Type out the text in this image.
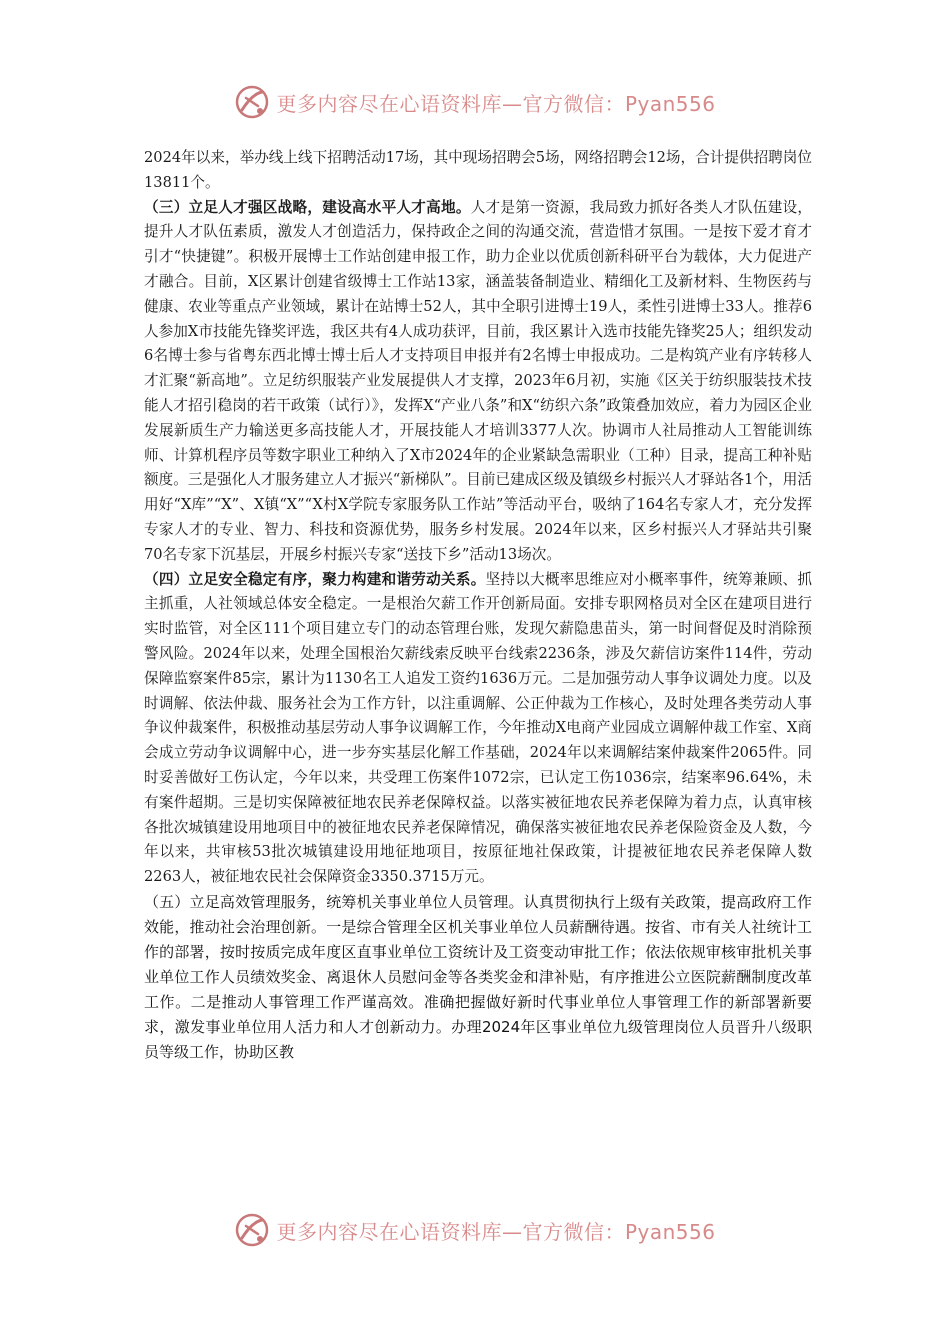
更多内容尽在心语资料库—官方微信：Pyan556

2024年以来，举办线上线下招聘活动17场，其中现场招聘会5场，网络招聘会12场，合计提供招聘岗位13811个。

（三）立足人才强区战略，建设高水平人才高地。人才是第一资源，我局致力抓好各类人才队伍建设，提升人才队伍素质，激发人才创造活力，保持政企之间的沟通交流，营造惜才氛围。一是按下爱才育才引才“快捷键”。积极开展博士工作站创建申报工作，助力企业以优质创新科研平台为载体，大力促进产才融合。目前，X区累计创建省级博士工作站13家，涵盖装备制造业、精细化工及新材料、生物医药与健康、农业等重点产业领域，累计在站博士52人，其中全职引进博士19人，柔性引进博士33人。推荐6人参加X市技能先锋奖评选，我区共有4人成功获评，目前，我区累计入选市技能先锋奖25人；组织发动6名博士参与省粤东西北博士博士后人才支持项目申报并有2名博士申报成功。二是构筑产业有序转移人才汇聚“新高地”。立足纺织服装产业发展提供人才支撑，2023年6月初，实施《区关于纺织服装技术技能人才招引稳岗的若干政策（试行）》，发挥X“产业八条”和X“纺织六条”政策叠加效应，着力为园区企业发展新质生产力输送更多高技能人才，开展技能人才培训3377人次。协调市人社局推动人工智能训练师、计算机程序员等数字职业工种纳入了X市2024年的企业紧缺急需职业（工种）目录，提高工种补贴额度。三是强化人才服务建立人才振兴“新梯队”。目前已建成区级及镇级乡村振兴人才驿站各1个，用活用好“X库”“X”、X镇“X”“X村X学院专家服务队工作站”等活动平台，吸纳了164名专家人才，充分发挥专家人才的专业、智力、科技和资源优势，服务乡村发展。2024年以来，区乡村振兴人才驿站共引聚70名专家下沉基层，开展乡村振兴专家“送技下乡”活动13场次。

（四）立足安全稳定有序，聚力构建和谐劳动关系。坚持以大概率思维应对小概率事件，统筹兼顾、抓主抓重，人社领域总体安全稳定。一是根治欠薪工作开创新局面。安排专职网格员对全区在建项目进行实时监管，对全区111个项目建立专门的动态管理台账，发现欠薪隐患苗头，第一时间督促及时消除预警风险。2024年以来，处理全国根治欠薪线索反映平台线索2236条，涉及欠薪信访案件114件，劳动保障监察案件85宗，累计为1130名工人追发工资约1636万元。二是加强劳动人事争议调处力度。以及时调解、依法仲裁、服务社会为工作方针，以注重调解、公正仲裁为工作核心，及时处理各类劳动人事争议仲裁案件，积极推动基层劳动人事争议调解工作，今年推动X电商产业园成立调解仲裁工作室、X商会成立劳动争议调解中心，进一步夯实基层化解工作基础，2024年以来调解结案仲裁案件2065件。同时妥善做好工伤认定，今年以来，共受理工伤案件1072宗，已认定工伤1036宗，结案率96.64%，未有案件超期。三是切实保障被征地农民养老保障权益。以落实被征地农民养老保障为着力点，认真审核各批次城镇建设用地项目中的被征地农民养老保障情况，确保落实被征地农民养老保险资金及人数，今年以来，共审核53批次城镇建设用地征地项目，按原征地社保政策，计提被征地农民养老保障人数2263人，被征地农民社会保障资金3350.3715万元。

（五）立足高效管理服务，统筹机关事业单位人员管理。认真贯彻执行上级有关政策，提高政府工作效能，推动社会治理创新。一是综合管理全区机关事业单位人员薪酬待遇。按省、市有关人社统计工作的部署，按时按质完成年度区直事业单位工资统计及工资变动审批工作；依法依规审核审批机关事业单位工作人员绩效奖金、离退休人员慰问金等各类奖金和津补贴，有序推进公立医院薪酬制度改革工作。二是推动人事管理工作严谨高效。准确把握做好新时代事业单位人事管理工作的新部署新要求，激发事业单位用人活力和人才创新动力。办理2024年区事业单位九级管理岗位人员晋升八级职员等级工作，协助区教

更多内容尽在心语资料库—官方微信：Pyan556
